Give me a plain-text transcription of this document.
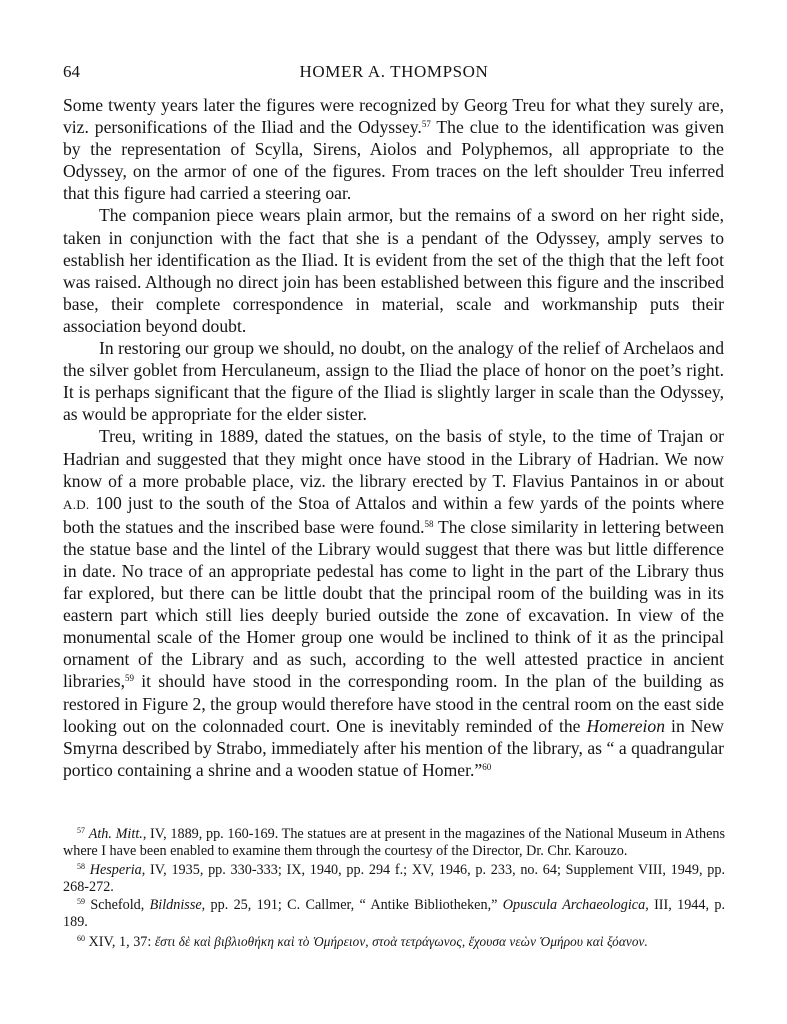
64	HOMER A. THOMPSON

Some twenty years later the figures were recognized by Georg Treu for what they surely are, viz. personifications of the Iliad and the Odyssey.$^{57}$ The clue to the identification was given by the representation of Scylla, Sirens, Aiolos and Polyphemos, all appropriate to the Odyssey, on the armor of one of the figures. From traces on the left shoulder Treu inferred that this figure had carried a steering oar.

The companion piece wears plain armor, but the remains of a sword on her right side, taken in conjunction with the fact that she is a pendant of the Odyssey, amply serves to establish her identification as the Iliad. It is evident from the set of the thigh that the left foot was raised. Although no direct join has been established between this figure and the inscribed base, their complete correspondence in material, scale and workmanship puts their association beyond doubt.

In restoring our group we should, no doubt, on the analogy of the relief of Archelaos and the silver goblet from Herculaneum, assign to the Iliad the place of honor on the poet’s right. It is perhaps significant that the figure of the Iliad is slightly larger in scale than the Odyssey, as would be appropriate for the elder sister.

Treu, writing in 1889, dated the statues, on the basis of style, to the time of Trajan or Hadrian and suggested that they might once have stood in the Library of Hadrian. We now know of a more probable place, viz. the library erected by T. Flavius Pantainos in or about A.D. 100 just to the south of the Stoa of Attalos and within a few yards of the points where both the statues and the inscribed base were found.$^{58}$ The close similarity in lettering between the statue base and the lintel of the Library would suggest that there was but little difference in date. No trace of an appropriate pedestal has come to light in the part of the Library thus far explored, but there can be little doubt that the principal room of the building was in its eastern part which still lies deeply buried outside the zone of excavation. In view of the monumental scale of the Homer group one would be inclined to think of it as the principal ornament of the Library and as such, according to the well attested practice in ancient libraries,$^{59}$ it should have stood in the corresponding room. In the plan of the building as restored in Figure 2, the group would therefore have stood in the central room on the east side looking out on the colonnaded court. One is inevitably reminded of the Homereion in New Smyrna described by Strabo, immediately after his mention of the library, as “ a quadrangular portico containing a shrine and a wooden statue of Homer.”$^{60}$

$^{57}$ Ath. Mitt., IV, 1889, pp. 160-169. The statues are at present in the magazines of the National Museum in Athens where I have been enabled to examine them through the courtesy of the Director, Dr. Chr. Karouzo.

$^{58}$ Hesperia, IV, 1935, pp. 330-333; IX, 1940, pp. 294 f.; XV, 1946, p. 233, no. 64; Supplement VIII, 1949, pp. 268-272.

$^{59}$ Schefold, Bildnisse, pp. 25, 191; C. Callmer, “ Antike Bibliotheken,” Opuscula Archaeologica, III, 1944, p. 189.

$^{60}$ XIV, 1, 37: ἔστι δὲ καὶ βιβλιοθήκη καὶ τὸ Ὁμήρειον, στοὰ τετράγωνος, ἔχουσα νεὼν Ὁμήρου καὶ ξόανον.
